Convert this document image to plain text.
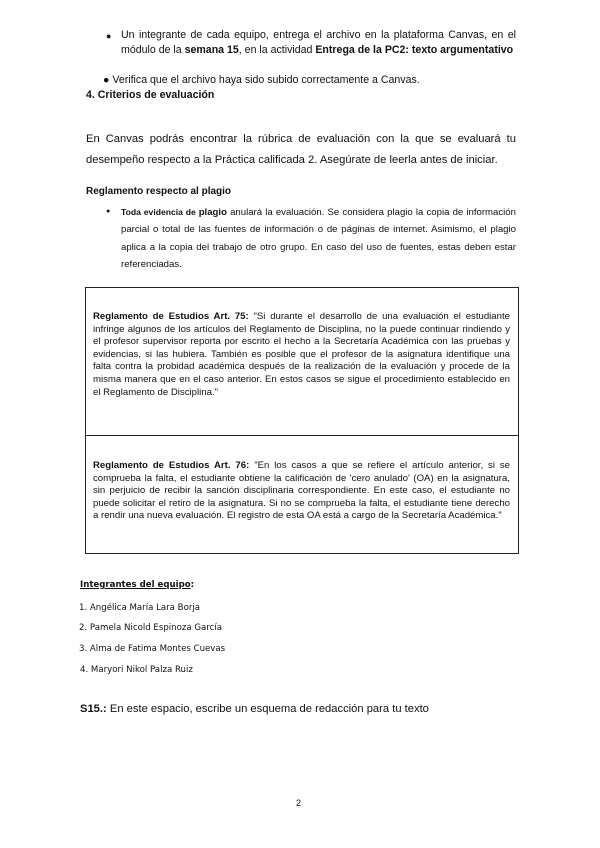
● Un integrante de cada equipo, entrega el archivo en la plataforma Canvas, en el módulo de la semana 15, en la actividad Entrega de la PC2: texto argumentativo
● Verifica que el archivo haya sido subido correctamente a Canvas.
4. Criterios de evaluación
En Canvas podrás encontrar la rúbrica de evaluación con la que se evaluará tu desempeño respecto a la Práctica calificada 2. Asegúrate de leerla antes de iniciar.
Reglamento respecto al plagio
● Toda evidencia de plagio anulará la evaluación. Se considera plagio la copia de información parcial o total de las fuentes de información o de páginas de internet. Asimismo, el plagio aplica a la copia del trabajo de otro grupo. En caso del uso de fuentes, estas deben estar referenciadas.
Reglamento de Estudios Art. 75: "Si durante el desarrollo de una evaluación el estudiante infringe algunos de los artículos del Reglamento de Disciplina, no la puede continuar rindiendo y el profesor supervisor reporta por escrito el hecho a la Secretaría Académica con las pruebas y evidencias, si las hubiera. También es posible que el profesor de la asignatura identifique una falta contra la probidad académica después de la realización de la evaluación y procede de la misma manera que en el caso anterior. En estos casos se sigue el procedimiento establecido en el Reglamento de Disciplina."
Reglamento de Estudios Art. 76: "En los casos a que se refiere el artículo anterior, si se comprueba la falta, el estudiante obtiene la calificación de 'cero anulado' (OA) en la asignatura, sin perjuicio de recibir la sanción disciplinaria correspondiente. En este caso, el estudiante no puede solicitar el retiro de la asignatura. Si no se comprueba la falta, el estudiante tiene derecho a rendir una nueva evaluación. El registro de esta OA está a cargo de la Secretaría Académica."
Integrantes del equipo:
1. Angélica María Lara Borja
2. Pamela Nicold Espinoza García
3. Alma de Fatima Montes Cuevas
4. Maryori Nikol Palza Ruiz
S15.: En este espacio, escribe un esquema de redacción para tu texto
2
